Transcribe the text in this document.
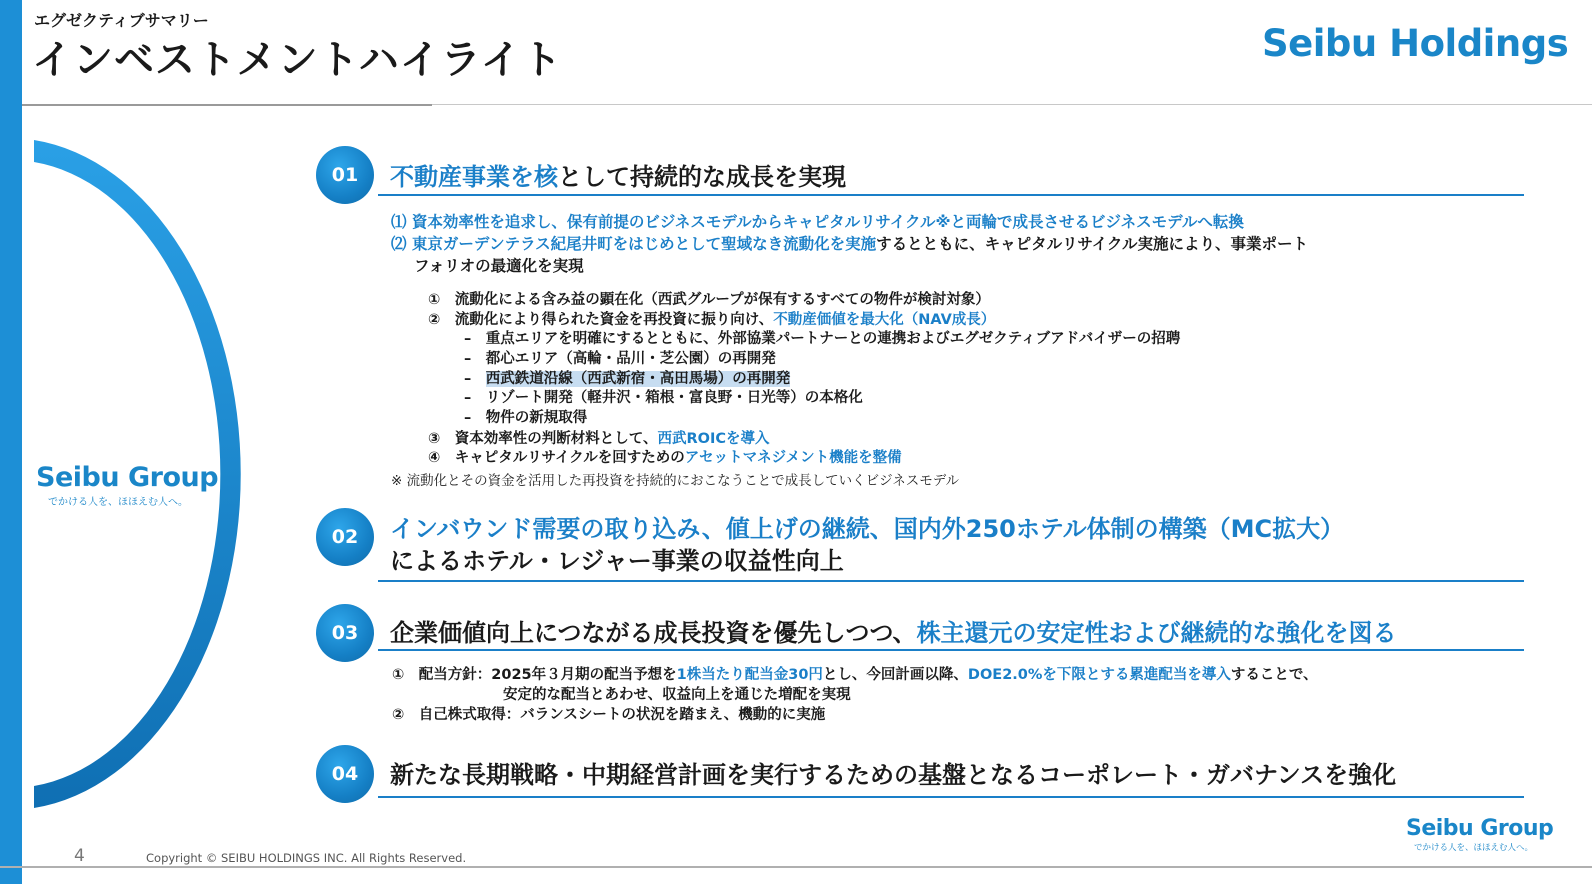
エグゼクティブサマリー
インベストメントハイライト	Seibu Holdings
Seibu Group
でかける人を、ほほえむ人へ。
01	不動産事業を核として持続的な成長を実現
⑴ 資本効率性を追求し、保有前提のビジネスモデルからキャピタルリサイクル※と両輪で成長させるビジネスモデルへ転換
⑵ 東京ガーデンテラス紀尾井町をはじめとして聖域なき流動化を実施するとともに、キャピタルリサイクル実施により、事業ポート
フォリオの最適化を実現
①　流動化による含み益の顕在化（西武グループが保有するすべての物件が検討対象）
②　流動化により得られた資金を再投資に振り向け、不動産価値を最大化（NAV成長）
–　重点エリアを明確にするとともに、外部協業パートナーとの連携およびエグゼクティブアドバイザーの招聘
–　都心エリア（高輪・品川・芝公園）の再開発
–　西武鉄道沿線（西武新宿・高田馬場）の再開発
–　リゾート開発（軽井沢・箱根・富良野・日光等）の本格化
–　物件の新規取得
③　資本効率性の判断材料として、西武ROICを導入
④　キャピタルリサイクルを回すためのアセットマネジメント機能を整備
※ 流動化とその資金を活用した再投資を持続的におこなうことで成長していくビジネスモデル
02	インバウンド需要の取り込み、値上げの継続、国内外250ホテル体制の構築（MC拡大）
によるホテル・レジャー事業の収益性向上
03	企業価値向上につながる成長投資を優先しつつ、株主還元の安定性および継続的な強化を図る
①　配当方針：2025年３月期の配当予想を1株当たり配当金30円とし、今回計画以降、DOE2.0%を下限とする累進配当を導入することで、
安定的な配当とあわせ、収益向上を通じた増配を実現
②　自己株式取得：バランスシートの状況を踏まえ、機動的に実施
04	新たな長期戦略・中期経営計画を実行するための基盤となるコーポレート・ガバナンスを強化
4	Copyright © SEIBU HOLDINGS INC. All Rights Reserved.
Seibu Group
でかける人を、ほほえむ人へ。
